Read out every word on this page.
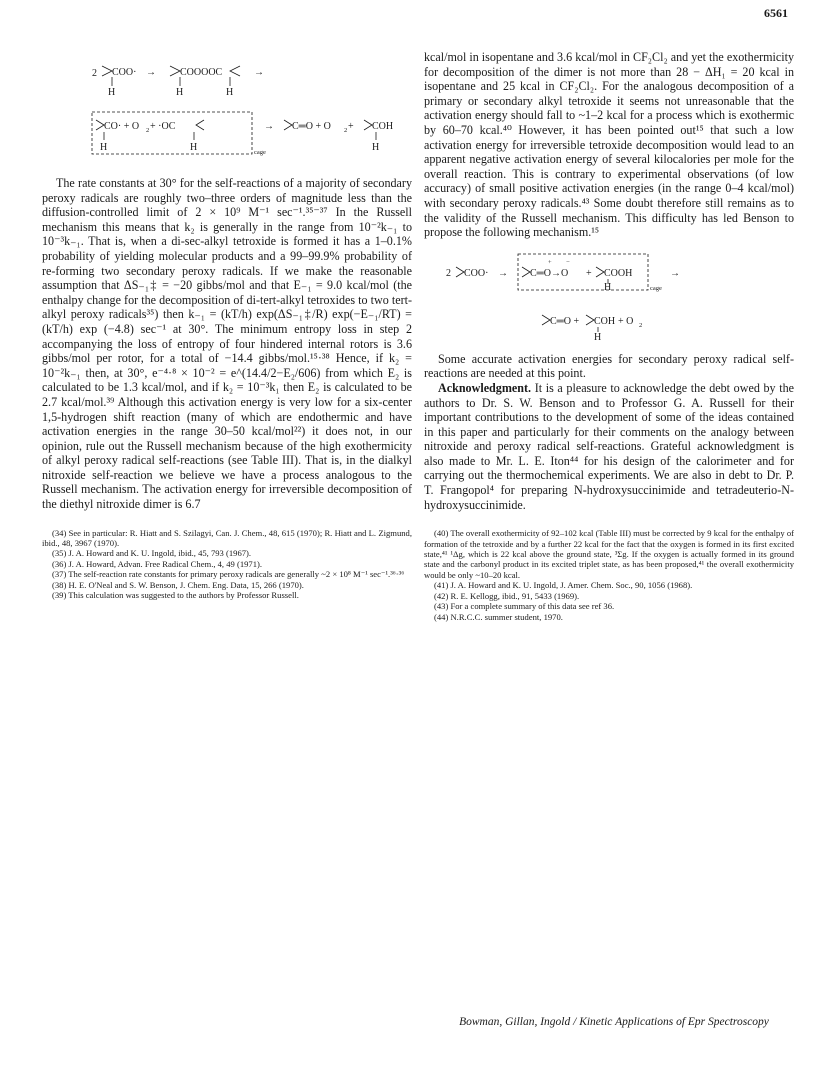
6561
2 COO·
H
→ COOOOC
H	H
→
CO· + O 2 + ·OC
H	H	cage
→ C═O + O 2 + COH
H

The rate constants at 30° for the self-reactions of a majority of secondary peroxy radicals are roughly two–three orders of magnitude less than the diffusion-controlled limit of 2 × 10⁹ M⁻¹ sec⁻¹.³⁵⁻³⁷ In the Russell mechanism this means that k₂ is generally in the range from 10⁻²k₋₁ to 10⁻³k₋₁. That is, when a di-sec-alkyl tetroxide is formed it has a 1–0.1% probability of yielding molecular products and a 99–99.9% probability of re-forming two secondary peroxy radicals. If we make the reasonable assumption that ΔS₋₁‡ = −20 gibbs/mol and that E₋₁ = 9.0 kcal/mol (the enthalpy change for the decomposition of di-tert-alkyl tetroxides to two tert-alkyl peroxy radicals³⁵) then k₋₁ = (kT/h) exp(ΔS₋₁‡/R) exp(−E₋₁/RT) = (kT/h) exp (−4.8) sec⁻¹ at 30°. The minimum entropy loss in step 2 accompanying the loss of entropy of four hindered internal rotors is 3.6 gibbs/mol per rotor, for a total of −14.4 gibbs/mol.¹⁵·³⁸ Hence, if k₂ = 10⁻²k₋₁ then, at 30°, e⁻⁴·⁸ × 10⁻² = e^(14.4/2−E₂/606) from which E₂ is calculated to be 1.3 kcal/mol, and if k₂ = 10⁻³k₁ then E₂ is calculated to be 2.7 kcal/mol.³⁹ Although this activation energy is very low for a six-center 1,5-hydrogen shift reaction (many of which are endothermic and have activation energies in the range 30–50 kcal/mol²²) it does not, in our opinion, rule out the Russell mechanism because of the high exothermicity of alkyl peroxy radical self-reactions (see Table III). That is, in the dialkyl nitroxide self-reaction we believe we have a process analogous to the Russell mechanism. The activation energy for irreversible decomposition of the diethyl nitroxide dimer is 6.7

(34) See in particular: R. Hiatt and S. Szilagyi, Can. J. Chem., 48, 615 (1970); R. Hiatt and L. Zigmund, ibid., 48, 3967 (1970).
(35) J. A. Howard and K. U. Ingold, ibid., 45, 793 (1967).
(36) J. A. Howard, Advan. Free Radical Chem., 4, 49 (1971).
(37) The self-reaction rate constants for primary peroxy radicals are generally ~2 × 10⁸ M⁻¹ sec⁻¹.³⁶·³⁶
(38) H. E. O'Neal and S. W. Benson, J. Chem. Eng. Data, 15, 266 (1970).
(39) This calculation was suggested to the authors by Professor Russell.

kcal/mol in isopentane and 3.6 kcal/mol in CF₂Cl₂ and yet the exothermicity for decomposition of the dimer is not more than 28 − ΔH₁ = 20 kcal in isopentane and 25 kcal in CF₂Cl₂. For the analogous decomposition of a primary or secondary alkyl tetroxide it seems not unreasonable that the activation energy should fall to ~1–2 kcal for a process which is exothermic by 60–70 kcal.⁴⁰ However, it has been pointed out¹⁵ that such a low activation energy for irreversible tetroxide decomposition would lead to an apparent negative activation energy of several kilocalories per mole for the overall reaction. This is contrary to experimental observations (of low accuracy) of small positive activation energies (in the range 0–4 kcal/mol) with secondary peroxy radicals.⁴³ Some doubt therefore still remains as to the validity of the Russell mechanism. This difficulty has led Benson to propose the following mechanism.¹⁵

2 COO· →
+ −
C═O→O + COOH
H	cage
→
C═O + COH
H
+ O 2

Some accurate activation energies for secondary peroxy radical self-reactions are needed at this point.

Acknowledgment. It is a pleasure to acknowledge the debt owed by the authors to Dr. S. W. Benson and to Professor G. A. Russell for their important contributions to the development of some of the ideas contained in this paper and particularly for their comments on the analogy between nitroxide and peroxy radical self-reactions. Grateful acknowledgment is also made to Mr. L. E. Iton⁴⁴ for his design of the calorimeter and for carrying out the thermochemical experiments. We are also in debt to Dr. P. T. Frangopol⁴ for preparing N-hydroxysuccinimide and tetradeuterio-N-hydroxysuccinimide.

(40) The overall exothermicity of 92–102 kcal (Table III) must be corrected by 9 kcal for the enthalpy of formation of the tetroxide and by a further 22 kcal for the fact that the oxygen is formed in its first excited state,⁴¹ ¹Δg, which is 22 kcal above the ground state, ³Σg. If the oxygen is actually formed in its ground state and the carbonyl product in its excited triplet state, as has been proposed,⁴¹ the overall exothermicity would be only ~10–20 kcal.
(41) J. A. Howard and K. U. Ingold, J. Amer. Chem. Soc., 90, 1056 (1968).
(42) R. E. Kellogg, ibid., 91, 5433 (1969).
(43) For a complete summary of this data see ref 36.
(44) N.R.C.C. summer student, 1970.
Bowman, Gillan, Ingold / Kinetic Applications of Epr Spectroscopy
